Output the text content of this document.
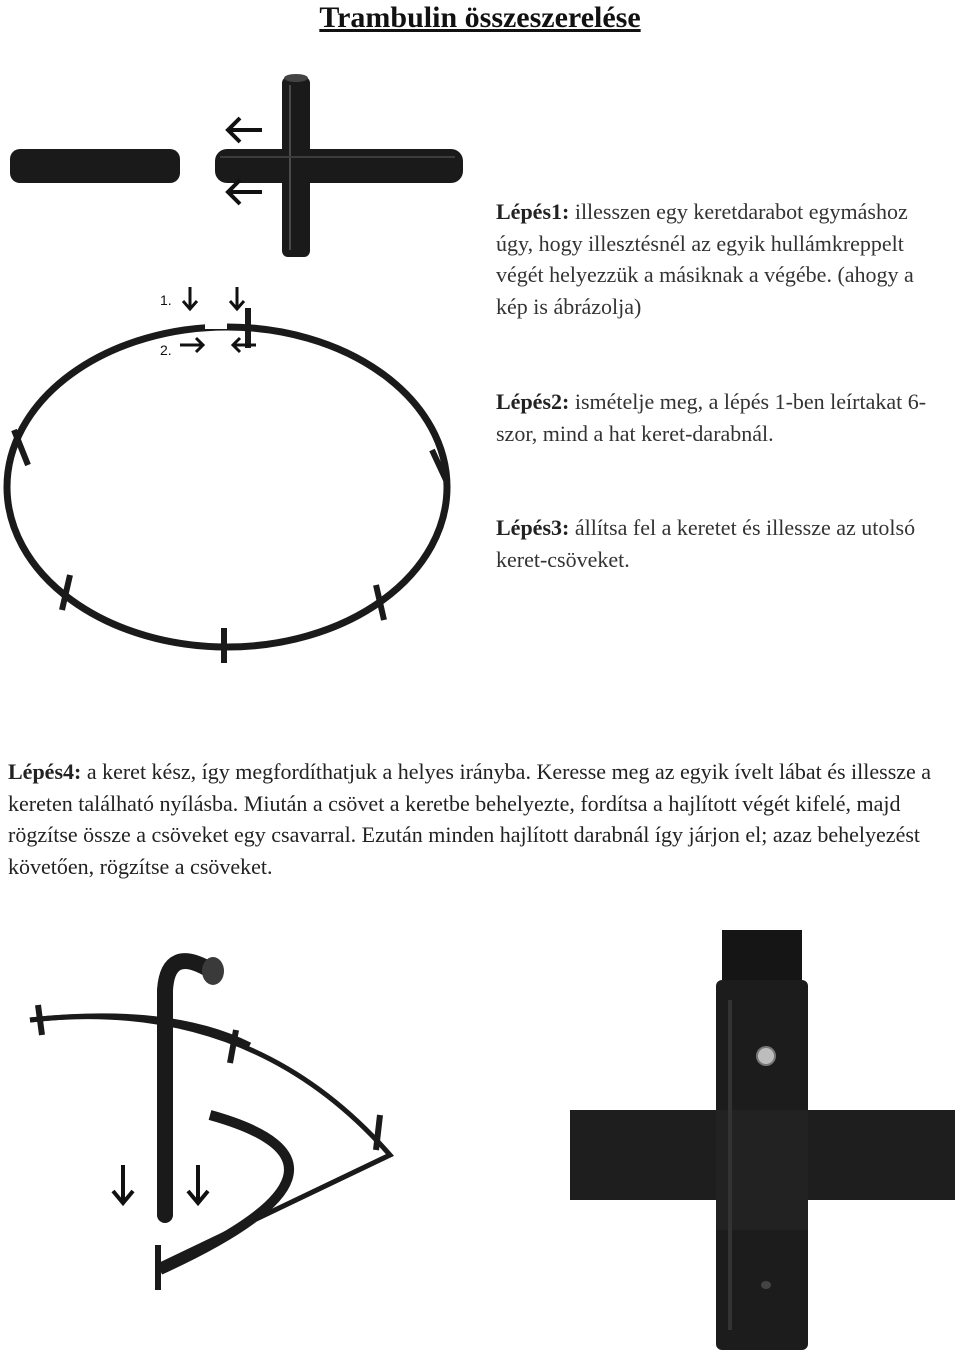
Trambulin összeszerelése
1.
2.
Lépés1: illesszen egy keretdarabot egymáshoz úgy, hogy illesztésnél az egyik hullámkreppelt végét helyezzük a másiknak a végébe. (ahogy a kép is ábrázolja)
Lépés2: ismételje meg, a lépés 1-ben leírtakat 6-szor, mind a hat keret-darabnál.
Lépés3: állítsa fel a keretet és illessze az utolsó keret-csöveket.
Lépés4: a keret kész, így megfordíthatjuk a helyes irányba. Keresse meg az egyik ívelt lábat és illessze a kereten található nyílásba. Miután a csövet a keretbe behelyezte, fordítsa a hajlított végét kifelé, majd rögzítse össze a csöveket egy csavarral. Ezután minden hajlított darabnál így járjon el; azaz behelyezést követően, rögzítse a csöveket.
